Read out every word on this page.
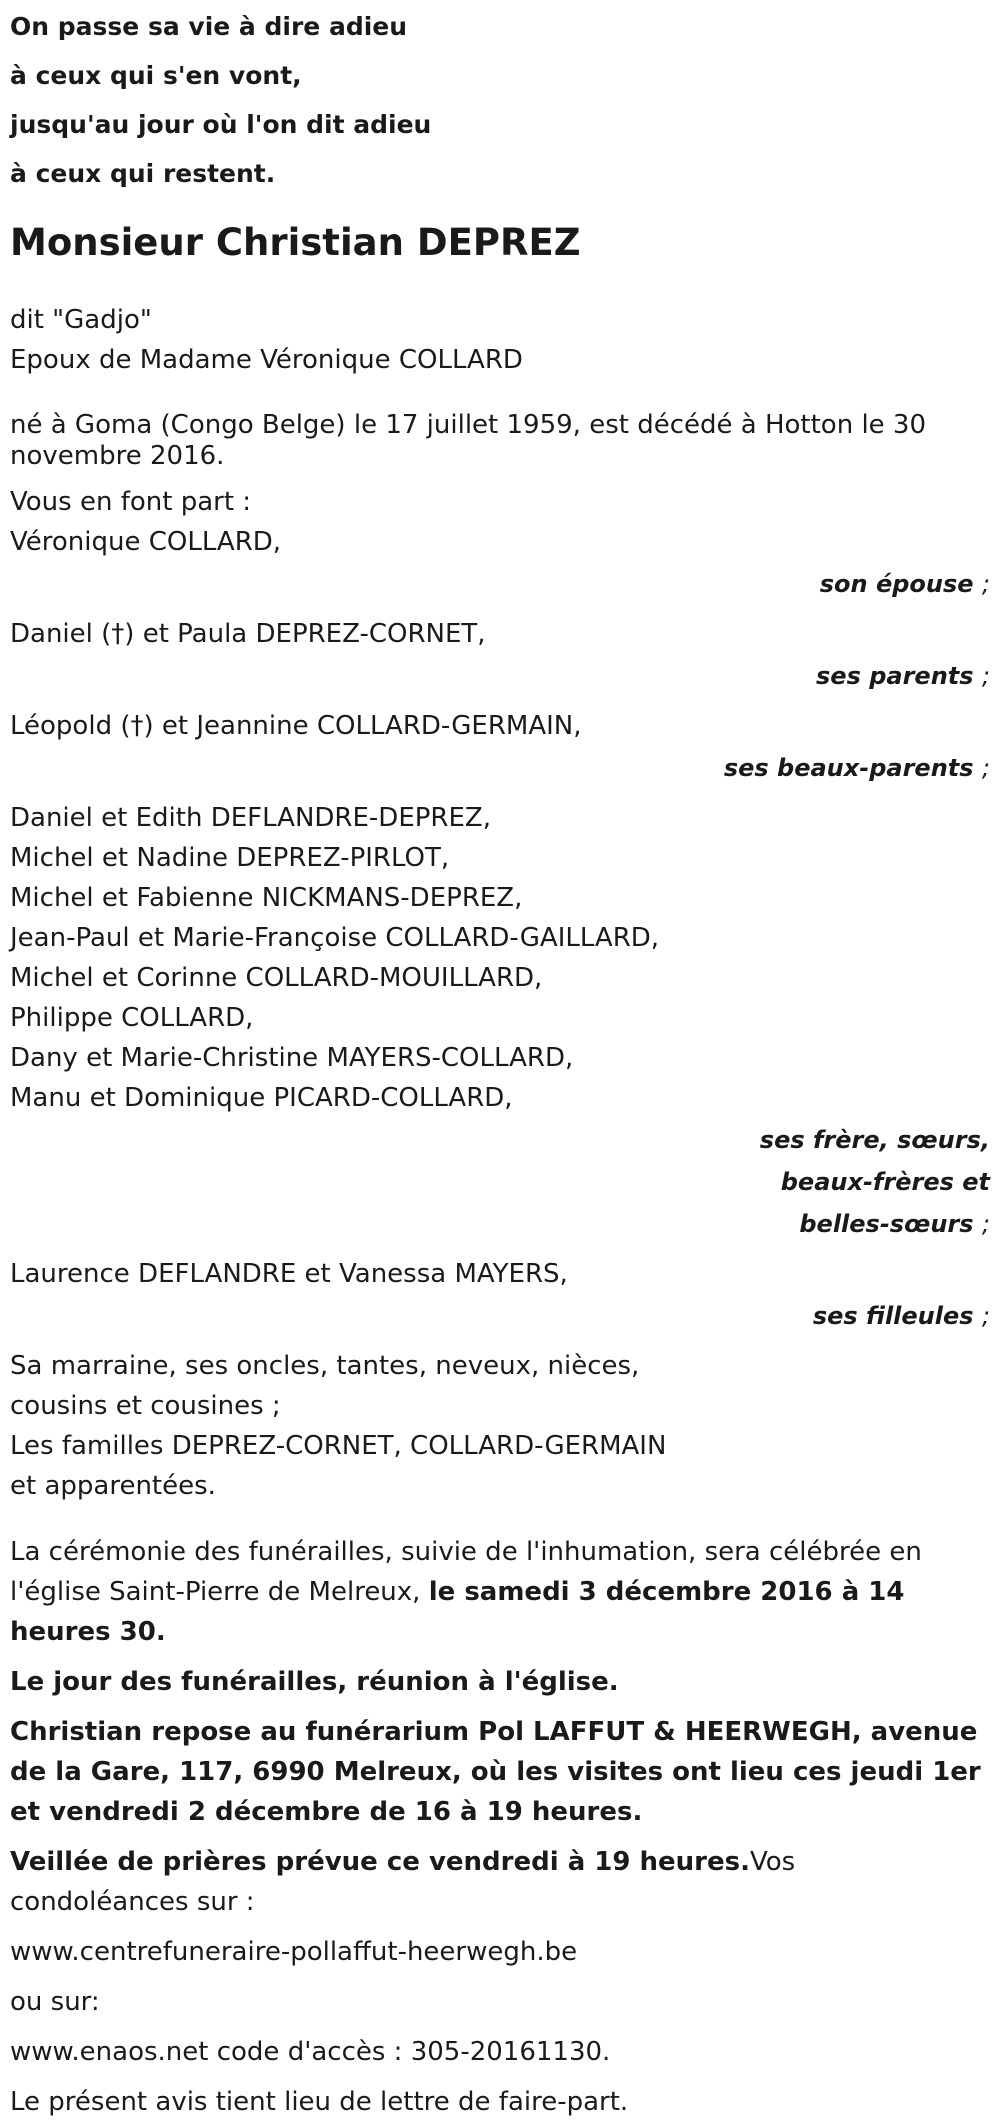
On passe sa vie à dire adieu

à ceux qui s'en vont,

jusqu'au jour où l'on dit adieu

à ceux qui restent.

Monsieur Christian DEPREZ

dit "Gadjo"

Epoux de Madame Véronique COLLARD

né à Goma (Congo Belge) le 17 juillet 1959, est décédé à Hotton le 30 novembre 2016.

Vous en font part :

Véronique COLLARD,

son épouse ;

Daniel (†) et Paula DEPREZ-CORNET,

ses parents ;

Léopold (†) et Jeannine COLLARD-GERMAIN,

ses beaux-parents ;

Daniel et Edith DEFLANDRE-DEPREZ,

Michel et Nadine DEPREZ-PIRLOT,

Michel et Fabienne NICKMANS-DEPREZ,

Jean-Paul et Marie-Françoise COLLARD-GAILLARD,

Michel et Corinne COLLARD-MOUILLARD,

Philippe COLLARD,

Dany et Marie-Christine MAYERS-COLLARD,

Manu et Dominique PICARD-COLLARD,

ses frère, sœurs,
beaux-frères et
belles-sœurs ;

Laurence DEFLANDRE et Vanessa MAYERS,

ses filleules ;

Sa marraine, ses oncles, tantes, neveux, nièces,

cousins et cousines ;

Les familles DEPREZ-CORNET, COLLARD-GERMAIN

et apparentées.

La cérémonie des funérailles, suivie de l'inhumation, sera célébrée en l'église Saint-Pierre de Melreux, le samedi 3 décembre 2016 à 14 heures 30.

Le jour des funérailles, réunion à l'église.

Christian repose au funérarium Pol LAFFUT & HEERWEGH, avenue de la Gare, 117, 6990 Melreux, où les visites ont lieu ces jeudi 1er et vendredi 2 décembre de 16 à 19 heures.

Veillée de prières prévue ce vendredi à 19 heures.Vos condoléances sur :

www.centrefuneraire-pollaffut-heerwegh.be

ou sur:

www.enaos.net code d'accès : 305-20161130.

Le présent avis tient lieu de lettre de faire-part.
